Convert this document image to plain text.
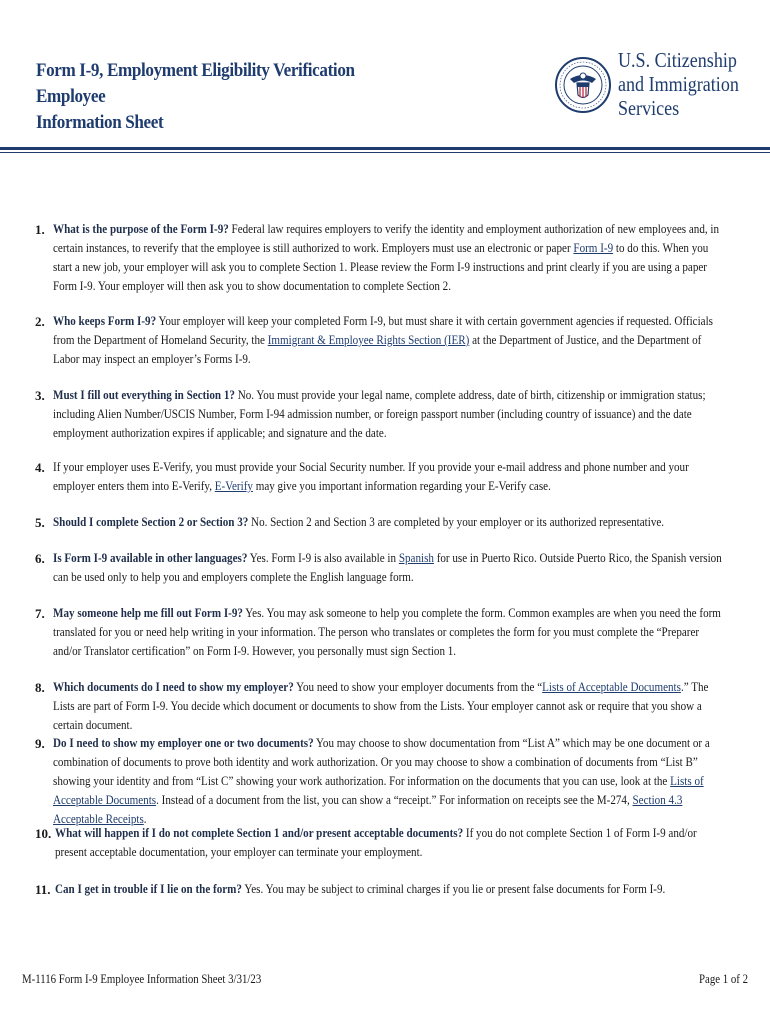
Form I-9, Employment Eligibility Verification Employee
Information Sheet
U.S. Citizenship
and Immigration
Services
1. What is the purpose of the Form I-9? Federal law requires employers to verify the identity and employment authorization of new employees and, in certain instances, to reverify that the employee is still authorized to work. Employers must use an electronic or paper Form I-9 to do this. When you start a new job, your employer will ask you to complete Section 1. Please review the Form I-9 instructions and print clearly if you are using a paper Form I-9. Your employer will then ask you to show documentation to complete Section 2.
2. Who keeps Form I-9? Your employer will keep your completed Form I-9, but must share it with certain government agencies if requested. Officials from the Department of Homeland Security, the Immigrant & Employee Rights Section (IER) at the Department of Justice, and the Department of Labor may inspect an employer’s Forms I-9.
3. Must I fill out everything in Section 1? No. You must provide your legal name, complete address, date of birth, citizenship or immigration status; including Alien Number/USCIS Number, Form I-94 admission number, or foreign passport number (including country of issuance) and the date employment authorization expires if applicable; and signature and the date.
4. If your employer uses E-Verify, you must provide your Social Security number. If you provide your e-mail address and phone number and your employer enters them into E-Verify, E-Verify may give you important information regarding your E-Verify case.
5. Should I complete Section 2 or Section 3? No. Section 2 and Section 3 are completed by your employer or its authorized representative.
6. Is Form I-9 available in other languages? Yes. Form I-9 is also available in Spanish for use in Puerto Rico. Outside Puerto Rico, the Spanish version can be used only to help you and employers complete the English language form.
7. May someone help me fill out Form I-9? Yes. You may ask someone to help you complete the form. Common examples are when you need the form translated for you or need help writing in your information. The person who translates or completes the form for you must complete the “Preparer and/or Translator certification” on Form I-9. However, you personally must sign Section 1.
8. Which documents do I need to show my employer? You need to show your employer documents from the “Lists of Acceptable Documents.” The Lists are part of Form I-9. You decide which document or documents to show from the Lists. Your employer cannot ask or require that you show a certain document.
9. Do I need to show my employer one or two documents? You may choose to show documentation from “List A” which may be one document or a combination of documents to prove both identity and work authorization. Or you may choose to show a combination of documents from “List B” showing your identity and from “List C” showing your work authorization. For information on the documents that you can use, look at the Lists of Acceptable Documents. Instead of a document from the list, you can show a “receipt.” For information on receipts see the M-274, Section 4.3 Acceptable Receipts.
10. What will happen if I do not complete Section 1 and/or present acceptable documents? If you do not complete Section 1 of Form I-9 and/or present acceptable documentation, your employer can terminate your employment.
11. Can I get in trouble if I lie on the form? Yes. You may be subject to criminal charges if you lie or present false documents for Form I-9.
M-1116 Form I-9 Employee Information Sheet 3/31/23	Page 1 of 2
